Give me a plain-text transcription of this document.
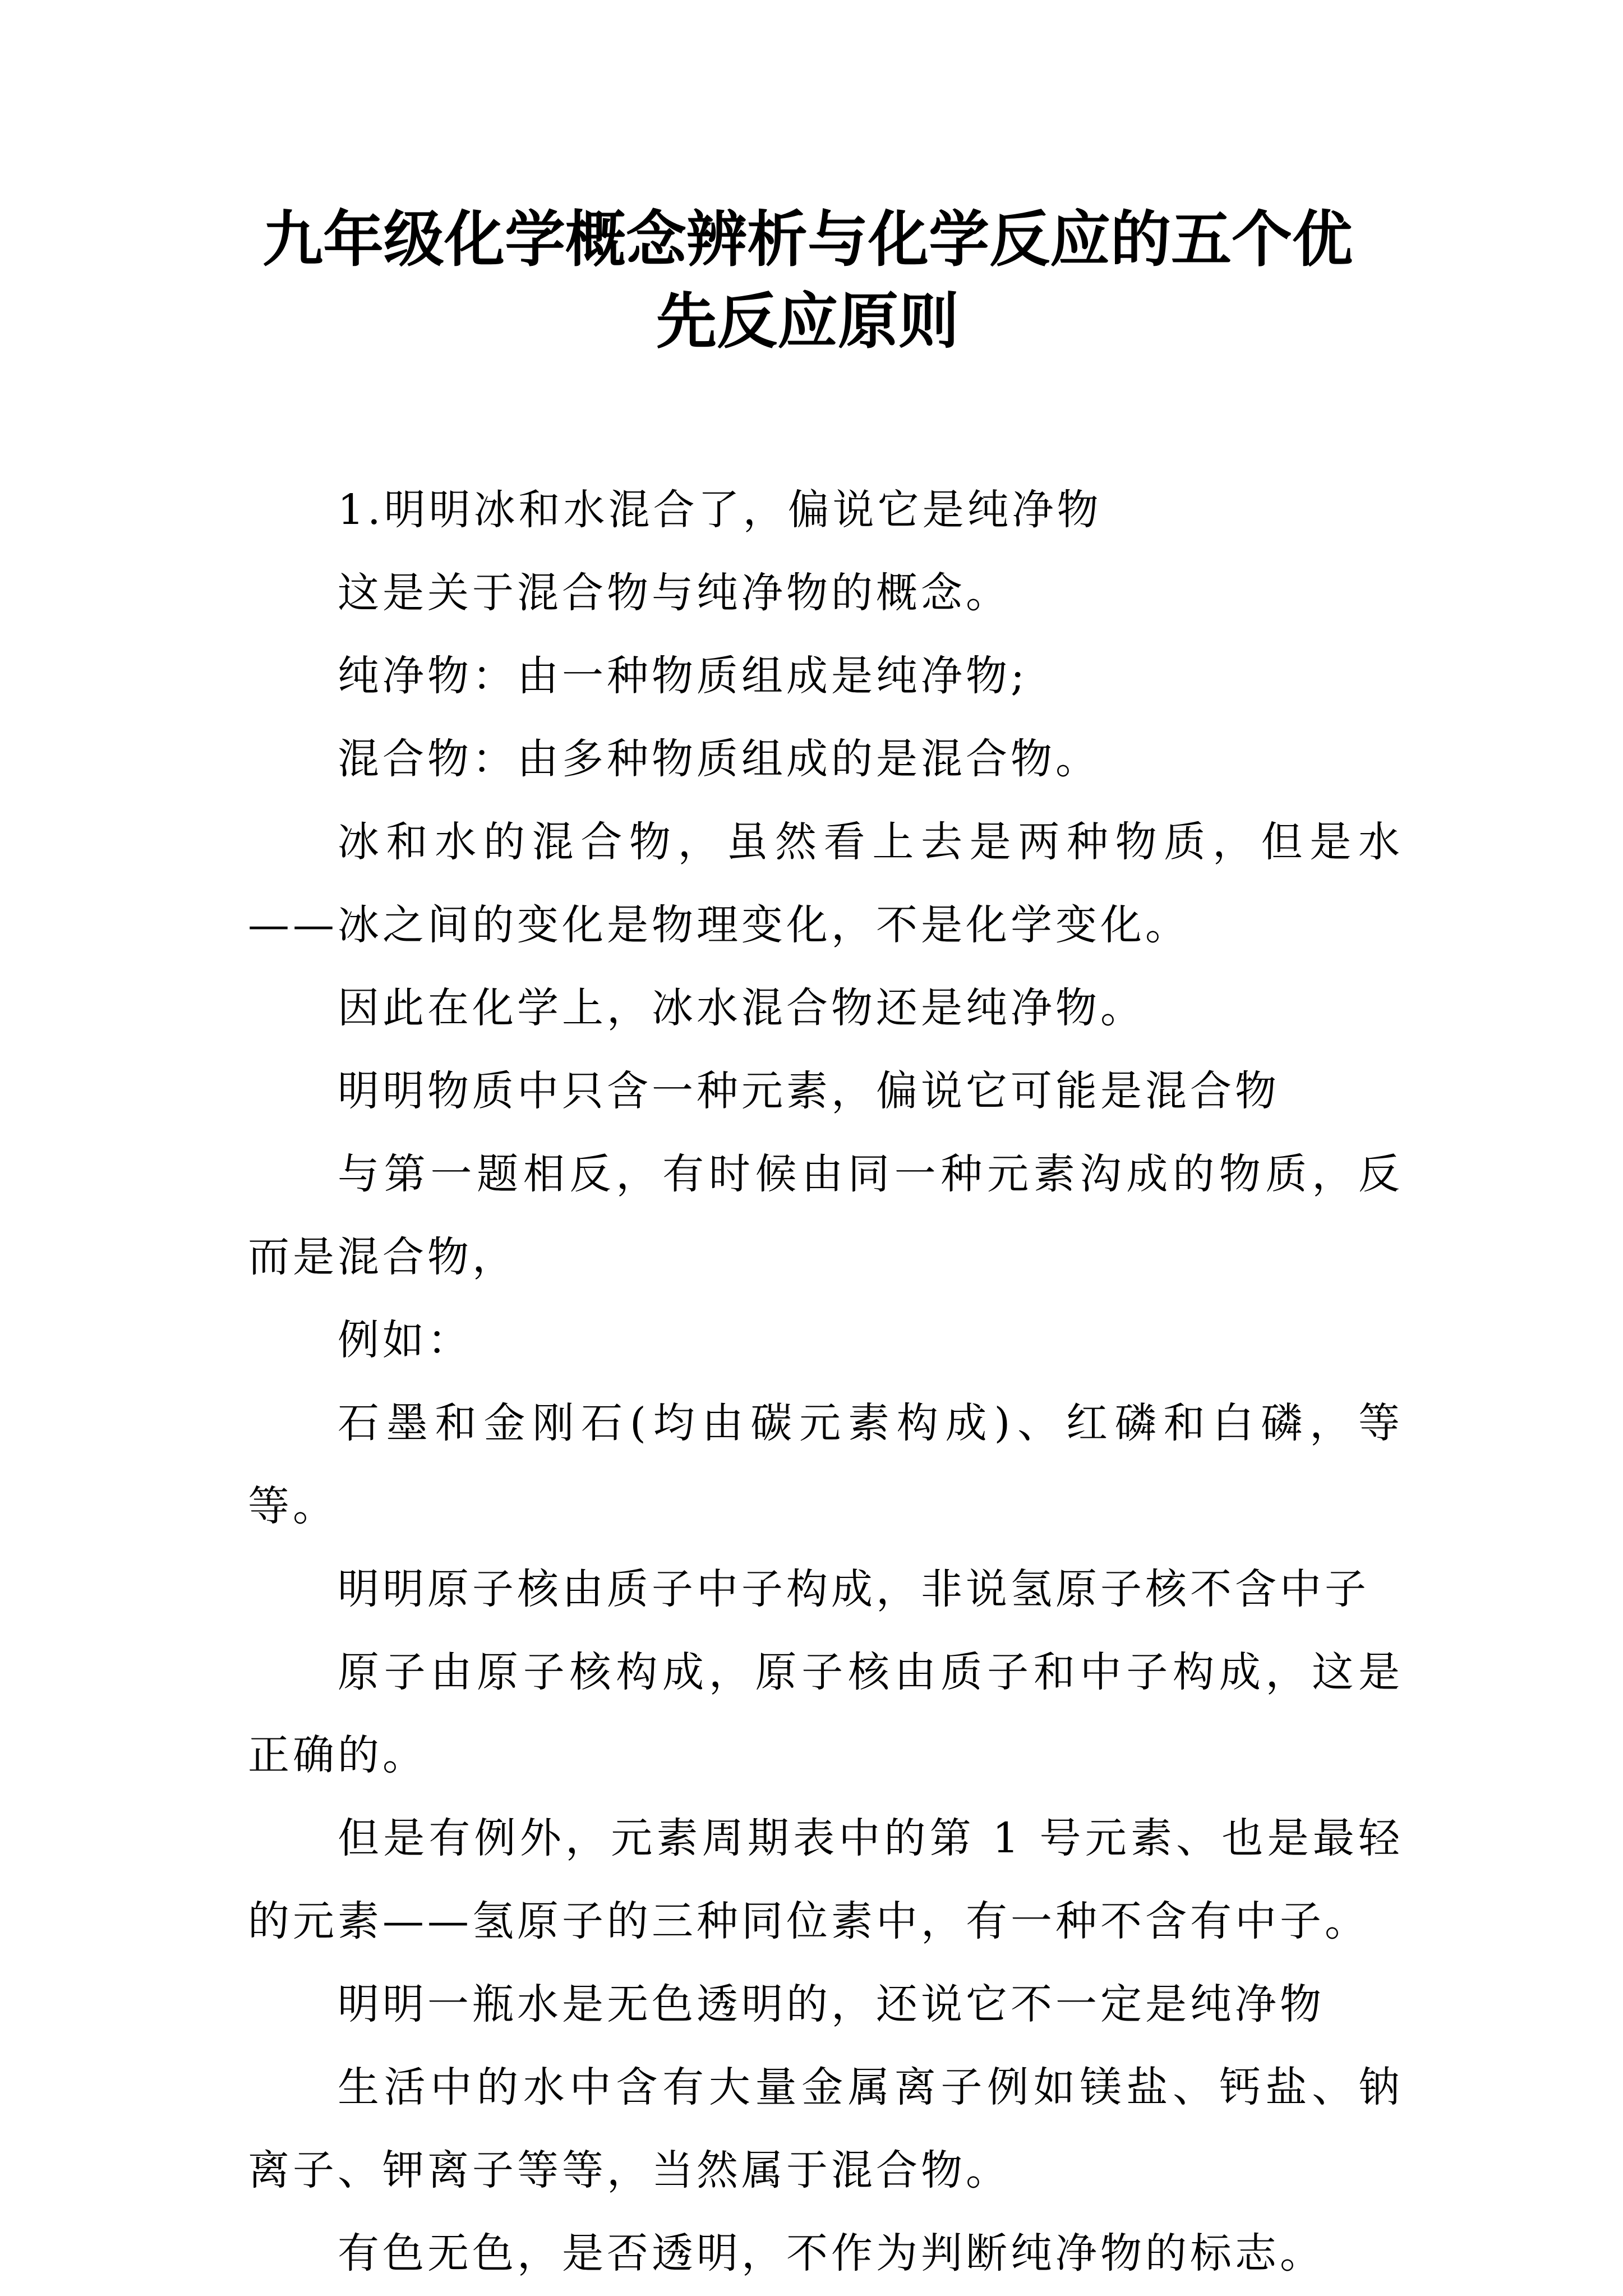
九年级化学概念辨析与化学反应的五个优
先反应原则

1.明明冰和水混合了，偏说它是纯净物

这是关于混合物与纯净物的概念。

纯净物：由一种物质组成是纯净物;

混合物：由多种物质组成的是混合物。

冰和水的混合物，虽然看上去是两种物质，但是水——冰之间的变化是物理变化，不是化学变化。

因此在化学上，冰水混合物还是纯净物。

明明物质中只含一种元素，偏说它可能是混合物

与第一题相反，有时候由同一种元素沟成的物质，反而是混合物，

例如：

石墨和金刚石(均由碳元素构成)、红磷和白磷，等等。

明明原子核由质子中子构成，非说氢原子核不含中子

原子由原子核构成，原子核由质子和中子构成，这是正确的。

但是有例外，元素周期表中的第 1 号元素、也是最轻的元素——氢原子的三种同位素中，有一种不含有中子。

明明一瓶水是无色透明的，还说它不一定是纯净物

生活中的水中含有大量金属离子例如镁盐、钙盐、钠离子、钾离子等等，当然属于混合物。

有色无色，是否透明，不作为判断纯净物的标志。
